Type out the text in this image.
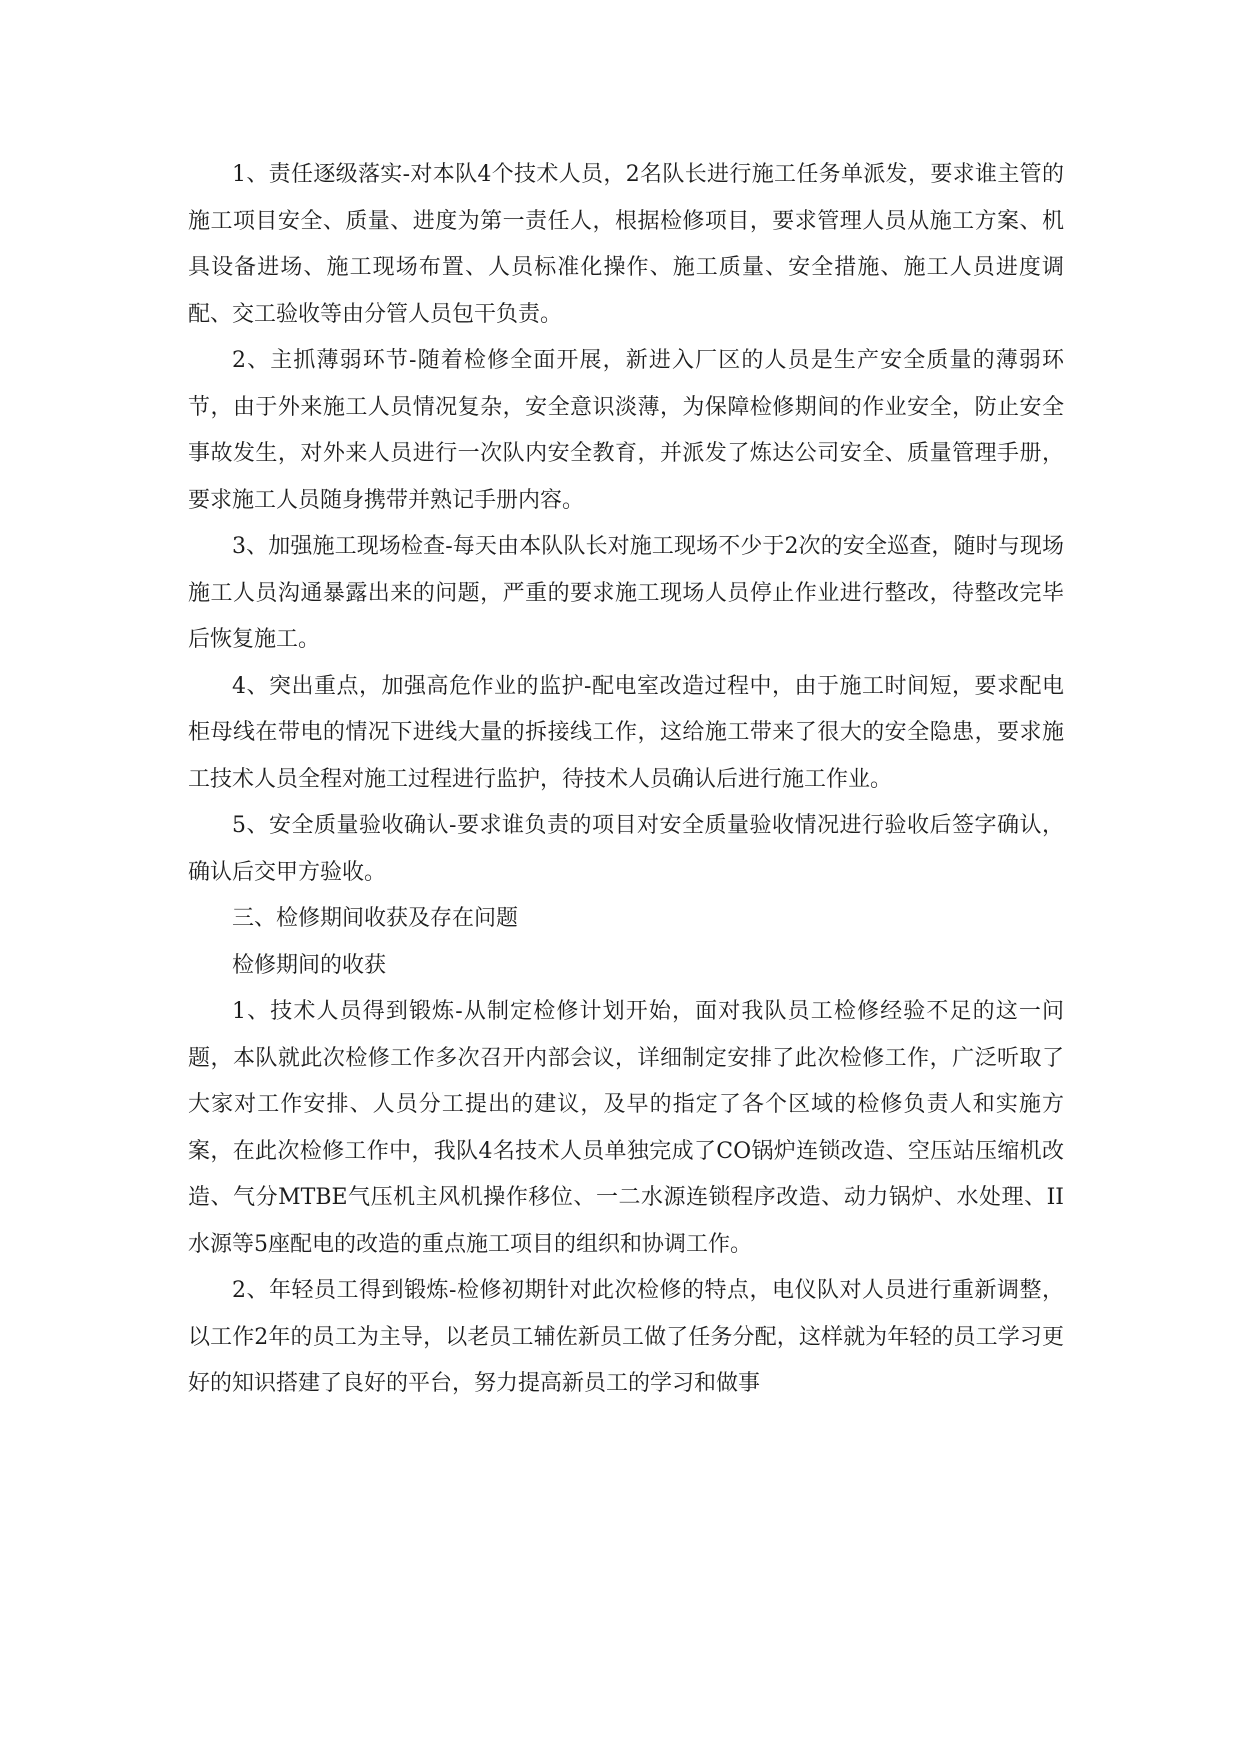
1、责任逐级落实-对本队4个技术人员，2名队长进行施工任务单派发，要求谁主管的施工项目安全、质量、进度为第一责任人，根据检修项目，要求管理人员从施工方案、机具设备进场、施工现场布置、人员标准化操作、施工质量、安全措施、施工人员进度调配、交工验收等由分管人员包干负责。

2、主抓薄弱环节-随着检修全面开展，新进入厂区的人员是生产安全质量的薄弱环节，由于外来施工人员情况复杂，安全意识淡薄，为保障检修期间的作业安全，防止安全事故发生，对外来人员进行一次队内安全教育，并派发了炼达公司安全、质量管理手册，要求施工人员随身携带并熟记手册内容。

3、加强施工现场检查-每天由本队队长对施工现场不少于2次的安全巡查，随时与现场施工人员沟通暴露出来的问题，严重的要求施工现场人员停止作业进行整改，待整改完毕后恢复施工。

4、突出重点，加强高危作业的监护-配电室改造过程中，由于施工时间短，要求配电柜母线在带电的情况下进线大量的拆接线工作，这给施工带来了很大的安全隐患，要求施工技术人员全程对施工过程进行监护，待技术人员确认后进行施工作业。

5、安全质量验收确认-要求谁负责的项目对安全质量验收情况进行验收后签字确认，确认后交甲方验收。

三、检修期间收获及存在问题

检修期间的收获

1、技术人员得到锻炼-从制定检修计划开始，面对我队员工检修经验不足的这一问题，本队就此次检修工作多次召开内部会议，详细制定安排了此次检修工作，广泛听取了大家对工作安排、人员分工提出的建议，及早的指定了各个区域的检修负责人和实施方案，在此次检修工作中，我队4名技术人员单独完成了CO锅炉连锁改造、空压站压缩机改造、气分MTBE气压机主风机操作移位、一二水源连锁程序改造、动力锅炉、水处理、II水源等5座配电的改造的重点施工项目的组织和协调工作。

2、年轻员工得到锻炼-检修初期针对此次检修的特点，电仪队对人员进行重新调整，以工作2年的员工为主导，以老员工辅佐新员工做了任务分配，这样就为年轻的员工学习更好的知识搭建了良好的平台，努力提高新员工的学习和做事
